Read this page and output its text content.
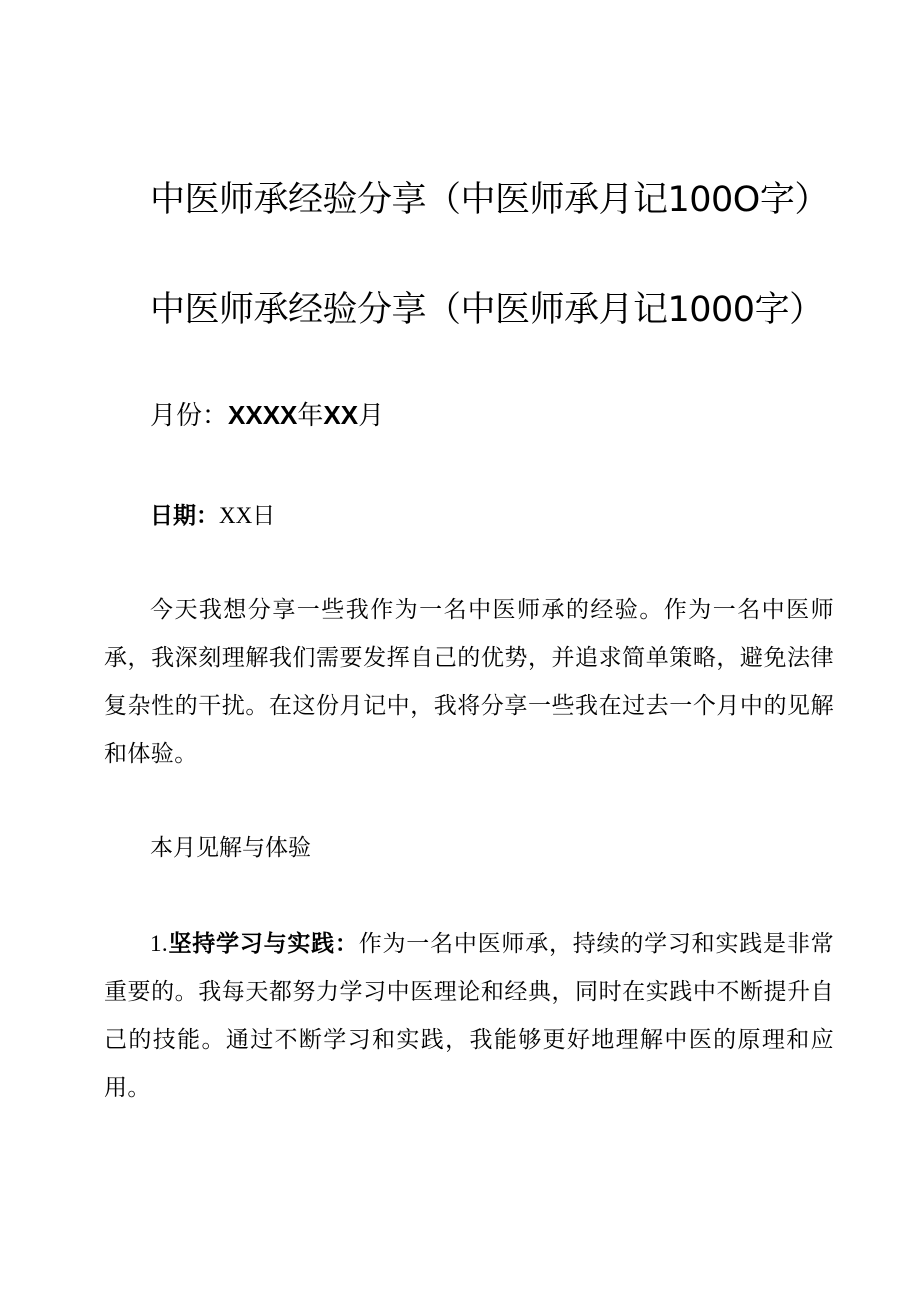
中医师承经验分享（中医师承月记100O字）
中医师承经验分享（中医师承月记1000字）
月份：XXXX年XX月
日期：XX日

今天我想分享一些我作为一名中医师承的经验。作为一名中医师承，我深刻理解我们需要发挥自己的优势，并追求简单策略，避免法律复杂性的干扰。在这份月记中，我将分享一些我在过去一个月中的见解和体验。

本月见解与体验

1.坚持学习与实践：作为一名中医师承，持续的学习和实践是非常重要的。我每天都努力学习中医理论和经典，同时在实践中不断提升自己的技能。通过不断学习和实践，我能够更好地理解中医的原理和应用。
